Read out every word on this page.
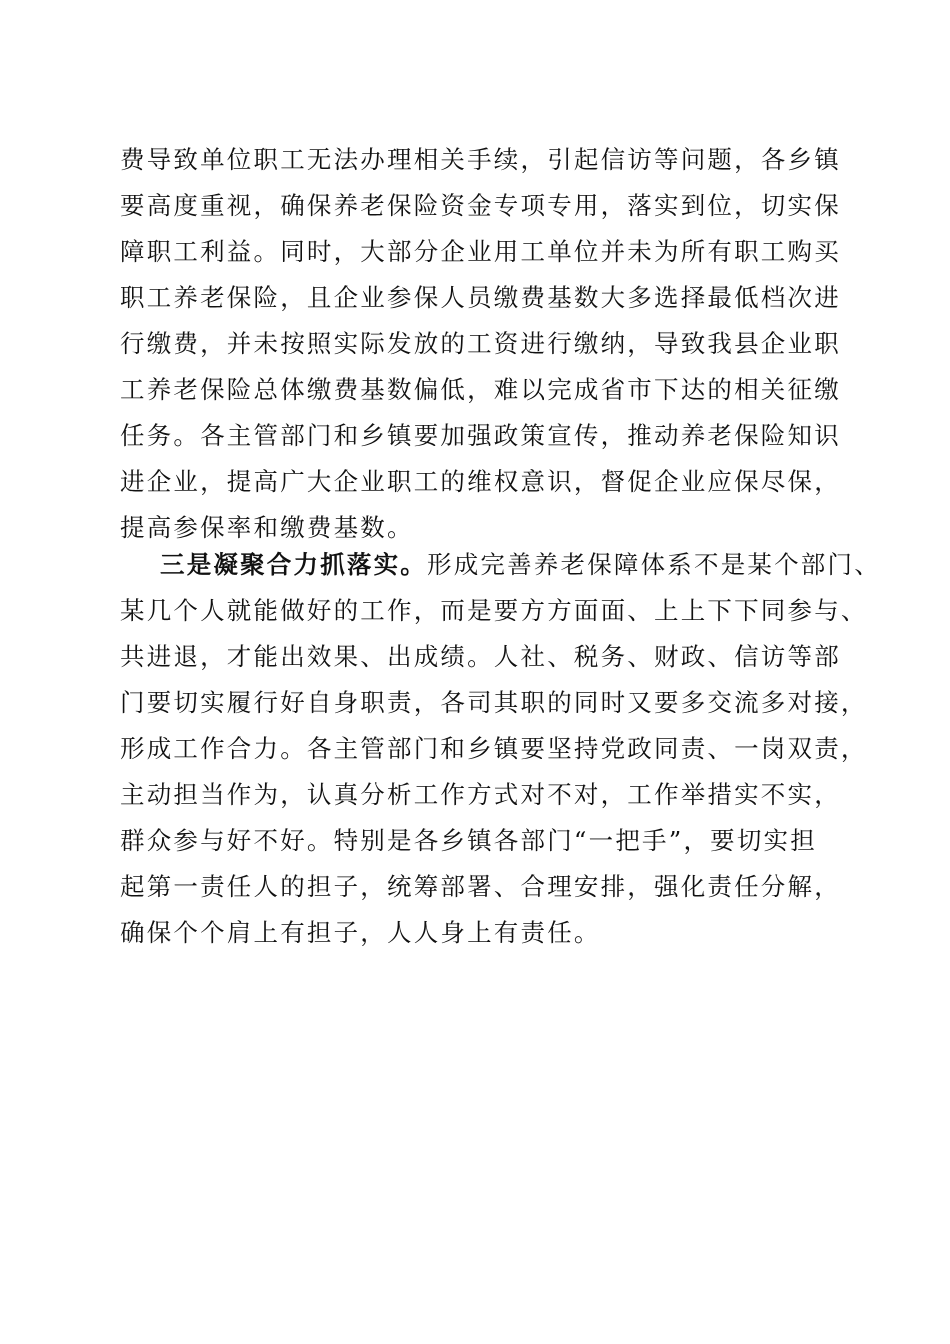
费导致单位职工无法办理相关手续，引起信访等问题，各乡镇
要高度重视，确保养老保险资金专项专用，落实到位，切实保
障职工利益。同时，大部分企业用工单位并未为所有职工购买
职工养老保险，且企业参保人员缴费基数大多选择最低档次进
行缴费，并未按照实际发放的工资进行缴纳，导致我县企业职
工养老保险总体缴费基数偏低，难以完成省市下达的相关征缴
任务。各主管部门和乡镇要加强政策宣传，推动养老保险知识
进企业，提高广大企业职工的维权意识，督促企业应保尽保，
提高参保率和缴费基数。
三是凝聚合力抓落实。形成完善养老保障体系不是某个部门、
某几个人就能做好的工作，而是要方方面面、上上下下同参与、
共进退，才能出效果、出成绩。人社、税务、财政、信访等部
门要切实履行好自身职责，各司其职的同时又要多交流多对接，
形成工作合力。各主管部门和乡镇要坚持党政同责、一岗双责，
主动担当作为，认真分析工作方式对不对，工作举措实不实，
群众参与好不好。特别是各乡镇各部门“一把手”，要切实担
起第一责任人的担子，统筹部署、合理安排，强化责任分解，
确保个个肩上有担子，人人身上有责任。
